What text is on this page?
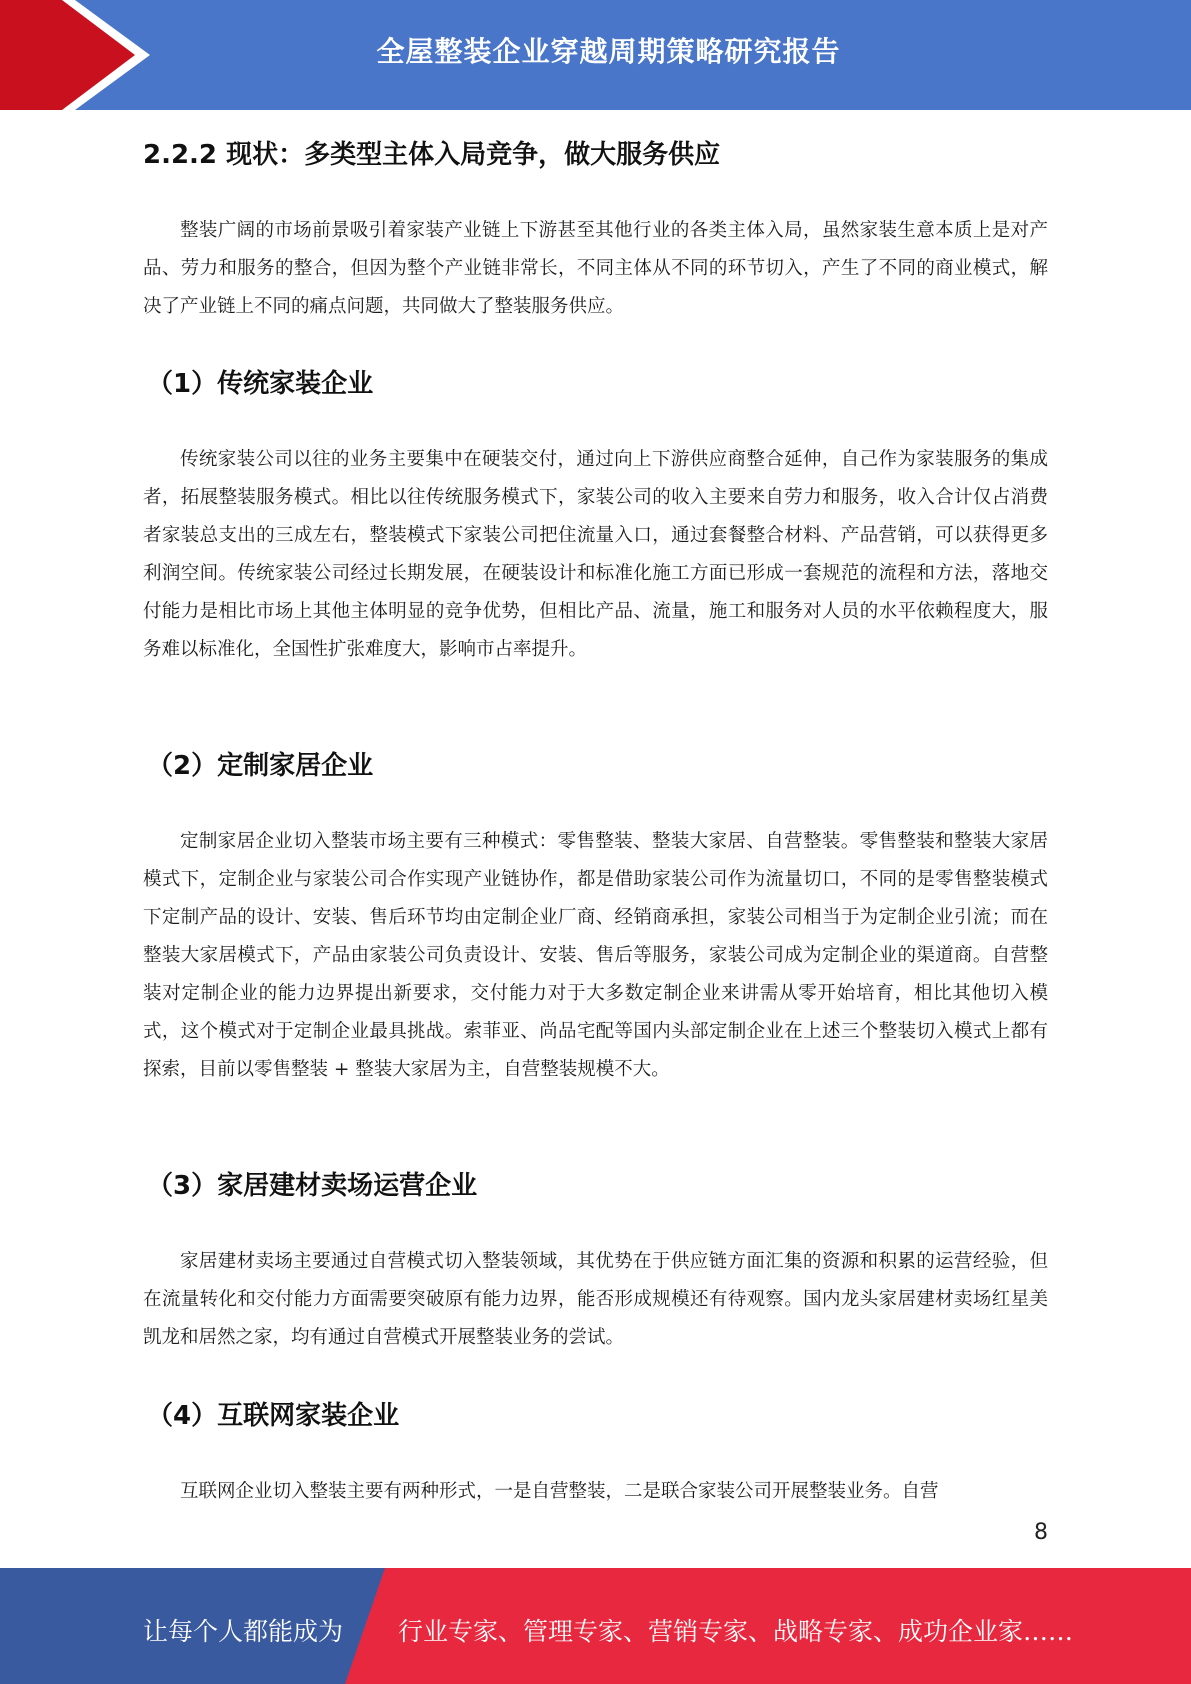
全屋整装企业穿越周期策略研究报告
2.2.2 现状：多类型主体入局竞争，做大服务供应

整装广阔的市场前景吸引着家装产业链上下游甚至其他行业的各类主体入局，虽然家装生意本质上是对产品、劳力和服务的整合，但因为整个产业链非常长，不同主体从不同的环节切入，产生了不同的商业模式，解决了产业链上不同的痛点问题，共同做大了整装服务供应。

（1）传统家装企业

传统家装公司以往的业务主要集中在硬装交付，通过向上下游供应商整合延伸，自己作为家装服务的集成者，拓展整装服务模式。相比以往传统服务模式下，家装公司的收入主要来自劳力和服务，收入合计仅占消费者家装总支出的三成左右，整装模式下家装公司把住流量入口，通过套餐整合材料、产品营销，可以获得更多利润空间。传统家装公司经过长期发展，在硬装设计和标准化施工方面已形成一套规范的流程和方法，落地交付能力是相比市场上其他主体明显的竞争优势，但相比产品、流量，施工和服务对人员的水平依赖程度大，服务难以标准化，全国性扩张难度大，影响市占率提升。

（2）定制家居企业

定制家居企业切入整装市场主要有三种模式：零售整装、整装大家居、自营整装。零售整装和整装大家居模式下，定制企业与家装公司合作实现产业链协作，都是借助家装公司作为流量切口，不同的是零售整装模式下定制产品的设计、安装、售后环节均由定制企业厂商、经销商承担，家装公司相当于为定制企业引流；而在整装大家居模式下，产品由家装公司负责设计、安装、售后等服务，家装公司成为定制企业的渠道商。自营整装对定制企业的能力边界提出新要求，交付能力对于大多数定制企业来讲需从零开始培育，相比其他切入模式，这个模式对于定制企业最具挑战。索菲亚、尚品宅配等国内头部定制企业在上述三个整装切入模式上都有探索，目前以零售整装 + 整装大家居为主，自营整装规模不大。

（3）家居建材卖场运营企业

家居建材卖场主要通过自营模式切入整装领域，其优势在于供应链方面汇集的资源和积累的运营经验，但在流量转化和交付能力方面需要突破原有能力边界，能否形成规模还有待观察。国内龙头家居建材卖场红星美凯龙和居然之家，均有通过自营模式开展整装业务的尝试。

（4）互联网家装企业

互联网企业切入整装主要有两种形式，一是自营整装，二是联合家装公司开展整装业务。自营

8
让每个人都能成为 行业专家、管理专家、营销专家、战略专家、成功企业家……
